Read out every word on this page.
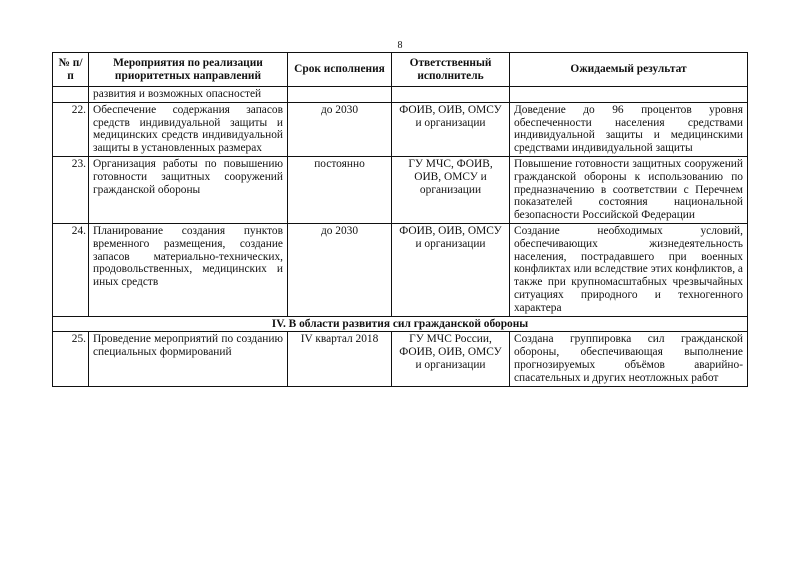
8
№ п/п	Мероприятия по реализации приоритетных направлений	Срок исполнения	Ответственный исполнитель	Ожидаемый результат
	развития и возможных опасностей			
22.	Обеспечение содержания запасов средств индивидуальной защиты и медицинских средств индивидуальной защиты в установленных размерах	до 2030	ФОИВ, ОИВ, ОМСУ и организации	Доведение до 96 процентов уровня обеспеченности населения средствами индивидуальной защиты и медицинскими средствами индивидуальной защиты
23.	Организация работы по повышению готовности защитных сооружений гражданской обороны	постоянно	ГУ МЧС, ФОИВ, ОИВ, ОМСУ и организации	Повышение готовности защитных сооружений гражданской обороны к использованию по предназначению в соответствии с Перечнем показателей состояния национальной безопасности Российской Федерации
24.	Планирование создания пунктов временного размещения, создание запасов материально-технических, продовольственных, медицинских и иных средств	до 2030	ФОИВ, ОИВ, ОМСУ и организации	Создание необходимых условий, обеспечивающих жизнедеятельность населения, пострадавшего при военных конфликтах или вследствие этих конфликтов, а также при крупномасштабных чрезвычайных ситуациях природного и техногенного характера
IV. В области развития сил гражданской обороны				
25.	Проведение мероприятий по созданию специальных формирований	IV квартал 2018	ГУ МЧС России, ФОИВ, ОИВ, ОМСУ и организации	Создана группировка сил гражданской обороны, обеспечивающая выполнение прогнозируемых объёмов аварийно-спасательных и других неотложных работ
